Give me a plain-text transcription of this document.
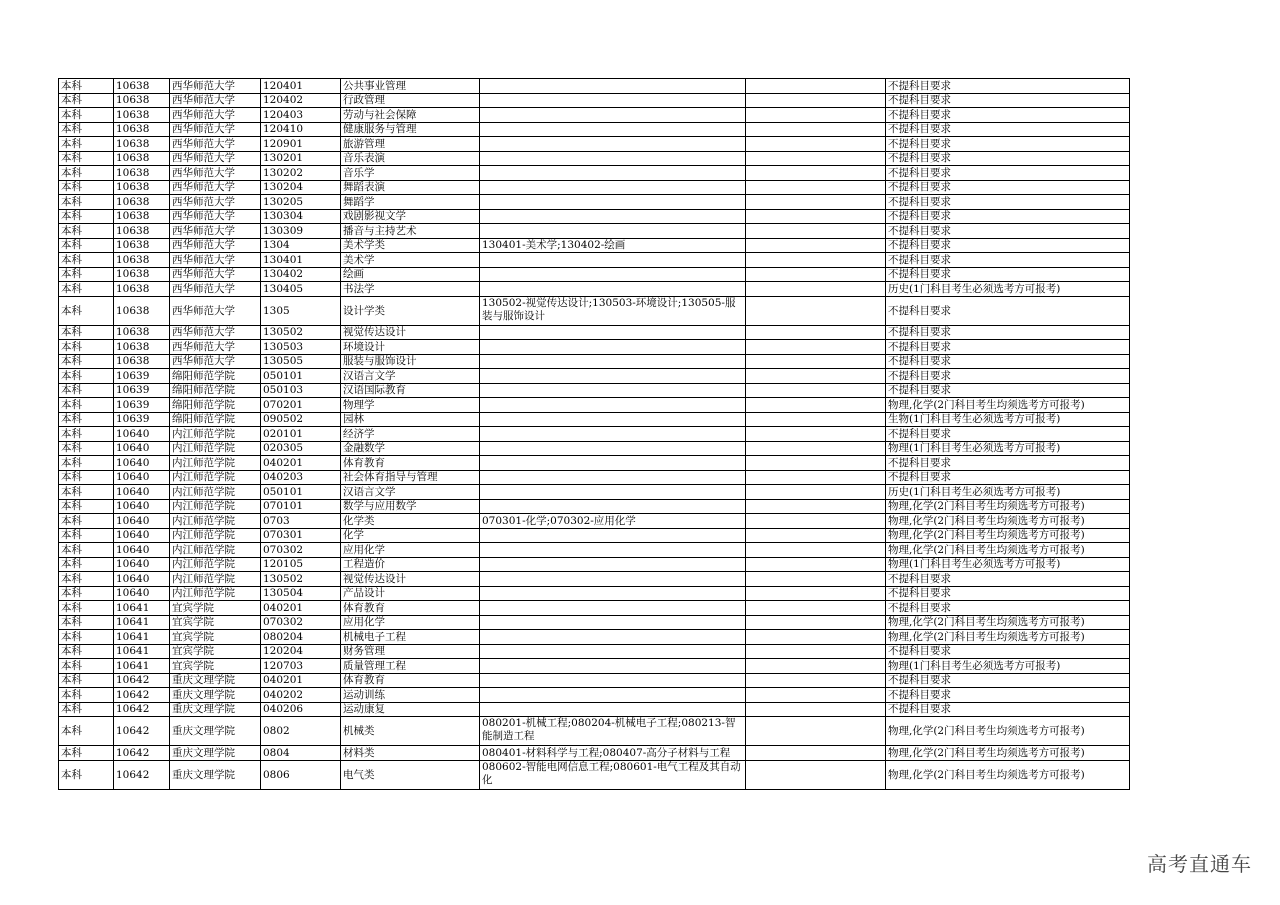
本科	10638	西华师范大学	120401	公共事业管理			不提科目要求
本科	10638	西华师范大学	120402	行政管理			不提科目要求
本科	10638	西华师范大学	120403	劳动与社会保障			不提科目要求
本科	10638	西华师范大学	120410	健康服务与管理			不提科目要求
本科	10638	西华师范大学	120901	旅游管理			不提科目要求
本科	10638	西华师范大学	130201	音乐表演			不提科目要求
本科	10638	西华师范大学	130202	音乐学			不提科目要求
本科	10638	西华师范大学	130204	舞蹈表演			不提科目要求
本科	10638	西华师范大学	130205	舞蹈学			不提科目要求
本科	10638	西华师范大学	130304	戏剧影视文学			不提科目要求
本科	10638	西华师范大学	130309	播音与主持艺术			不提科目要求
本科	10638	西华师范大学	1304	美术学类	130401-美术学;130402-绘画		不提科目要求
本科	10638	西华师范大学	130401	美术学			不提科目要求
本科	10638	西华师范大学	130402	绘画			不提科目要求
本科	10638	西华师范大学	130405	书法学			历史(1门科目考生必须选考方可报考)
本科	10638	西华师范大学	1305	设计学类	130502-视觉传达设计;130503-环境设计;130505-服装与服饰设计		不提科目要求
本科	10638	西华师范大学	130502	视觉传达设计			不提科目要求
本科	10638	西华师范大学	130503	环境设计			不提科目要求
本科	10638	西华师范大学	130505	服装与服饰设计			不提科目要求
本科	10639	绵阳师范学院	050101	汉语言文学			不提科目要求
本科	10639	绵阳师范学院	050103	汉语国际教育			不提科目要求
本科	10639	绵阳师范学院	070201	物理学			物理,化学(2门科目考生均须选考方可报考)
本科	10639	绵阳师范学院	090502	园林			生物(1门科目考生必须选考方可报考)
本科	10640	内江师范学院	020101	经济学			不提科目要求
本科	10640	内江师范学院	020305	金融数学			物理(1门科目考生必须选考方可报考)
本科	10640	内江师范学院	040201	体育教育			不提科目要求
本科	10640	内江师范学院	040203	社会体育指导与管理			不提科目要求
本科	10640	内江师范学院	050101	汉语言文学			历史(1门科目考生必须选考方可报考)
本科	10640	内江师范学院	070101	数学与应用数学			物理,化学(2门科目考生均须选考方可报考)
本科	10640	内江师范学院	0703	化学类	070301-化学;070302-应用化学		物理,化学(2门科目考生均须选考方可报考)
本科	10640	内江师范学院	070301	化学			物理,化学(2门科目考生均须选考方可报考)
本科	10640	内江师范学院	070302	应用化学			物理,化学(2门科目考生均须选考方可报考)
本科	10640	内江师范学院	120105	工程造价			物理(1门科目考生必须选考方可报考)
本科	10640	内江师范学院	130502	视觉传达设计			不提科目要求
本科	10640	内江师范学院	130504	产品设计			不提科目要求
本科	10641	宜宾学院	040201	体育教育			不提科目要求
本科	10641	宜宾学院	070302	应用化学			物理,化学(2门科目考生均须选考方可报考)
本科	10641	宜宾学院	080204	机械电子工程			物理,化学(2门科目考生均须选考方可报考)
本科	10641	宜宾学院	120204	财务管理			不提科目要求
本科	10641	宜宾学院	120703	质量管理工程			物理(1门科目考生必须选考方可报考)
本科	10642	重庆文理学院	040201	体育教育			不提科目要求
本科	10642	重庆文理学院	040202	运动训练			不提科目要求
本科	10642	重庆文理学院	040206	运动康复			不提科目要求
本科	10642	重庆文理学院	0802	机械类	080201-机械工程;080204-机械电子工程;080213-智能制造工程		物理,化学(2门科目考生均须选考方可报考)
本科	10642	重庆文理学院	0804	材料类	080401-材料科学与工程;080407-高分子材料与工程		物理,化学(2门科目考生均须选考方可报考)
本科	10642	重庆文理学院	0806	电气类	080602-智能电网信息工程;080601-电气工程及其自动化		物理,化学(2门科目考生均须选考方可报考)
高考直通车
